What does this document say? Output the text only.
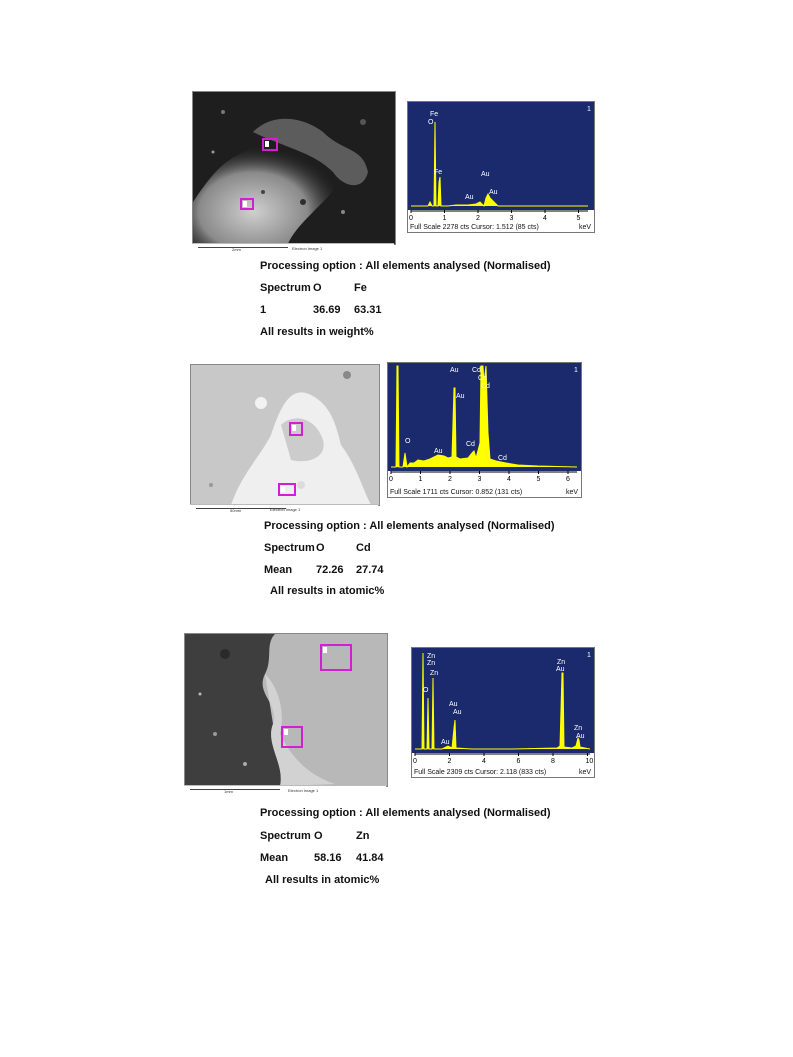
2mm	Electron Image 1
1
Fe
O
Fe	Au
Au
Au
0	1	2	3	4	5
Full Scale 2278 cts Cursor: 1.512 (85 cts)	keV
Processing option : All elements analysed (Normalised)
Spectrum O	Fe
1	36.69 63.31
All results in weight%
50mm	Electron Image 1
1
Au
Au
Cd
Cd
Cd
O
Au
Cd
Cd
0	1	2	3	4	5	6
Full Scale 1711 cts Cursor: 0.852 (131 cts)	keV
Processing option : All elements analysed (Normalised)
Spectrum O	Cd
Mean 72.26 27.74
All results in atomic%
1mm	Electron Image 1
1
Zn
Zn
Zn
O
Au
Au
Au
Zn
Au
Zn
Au
0	2	4	6	8	10
Full Scale 2309 cts Cursor: 2.118 (833 cts)	keV
Processing option : All elements analysed (Normalised)
Spectrum O	Zn
Mean 58.16 41.84
All results in atomic%
